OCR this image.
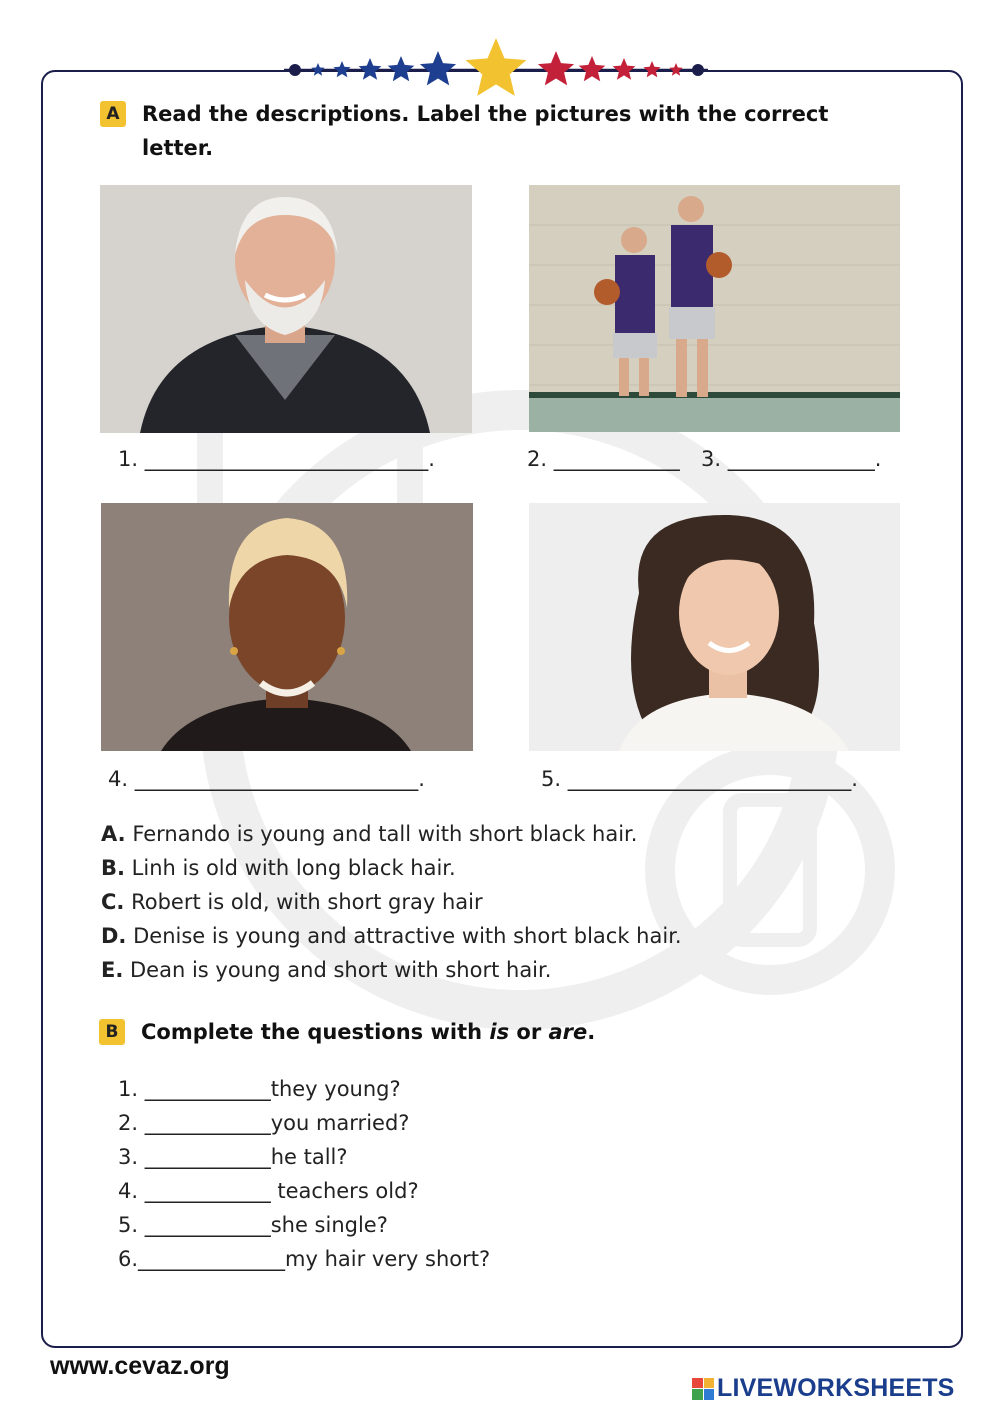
A	Read the descriptions. Label the pictures with the correct
letter.
1. ___________________________.	2. ____________ 3. ______________.
4. ___________________________.	5. ___________________________.
A. Fernando is young and tall with short black hair.
B. Linh is old with long black hair.
C. Robert is old, with short gray hair
D. Denise is young and attractive with short black hair.
E. Dean is young and short with short hair.
B	Complete the questions with is or are.
1. ____________they young?
2. ____________you married?
3. ____________he tall?
4. ____________ teachers old?
5. ____________she single?
6.______________my hair very short?
www.cevaz.org
LIVEWORKSHEETS
